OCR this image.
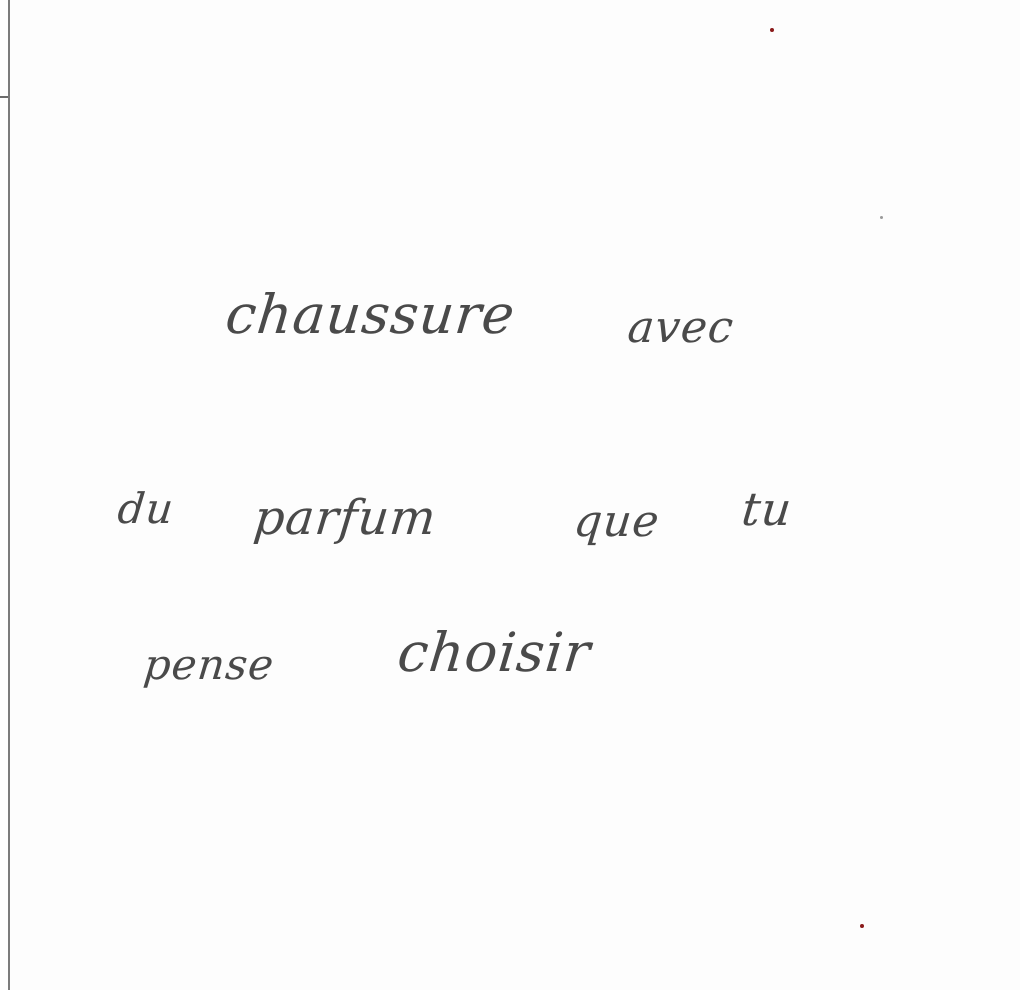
chaussure avec
du parfum	que tu
pense choisir
